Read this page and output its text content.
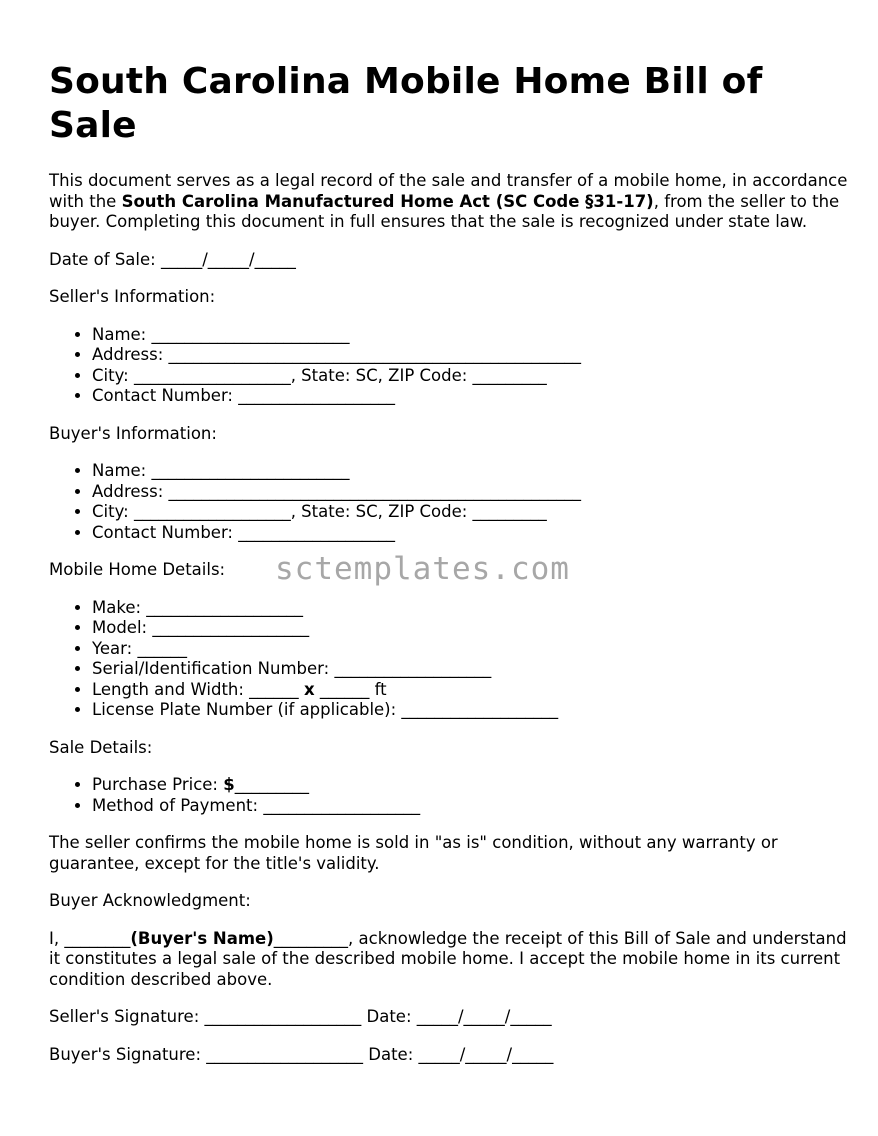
South Carolina Mobile Home Bill of Sale

This document serves as a legal record of the sale and transfer of a mobile home, in accordance with the South Carolina Manufactured Home Act (SC Code §31-17), from the seller to the buyer. Completing this document in full ensures that the sale is recognized under state law.

Date of Sale: _____/_____/_____

Seller's Information:

• Name: ________________________
• Address: __________________________________________________
• City: ___________________, State: SC, ZIP Code: _________
• Contact Number: ___________________

Buyer's Information:

• Name: ________________________
• Address: __________________________________________________
• City: ___________________, State: SC, ZIP Code: _________
• Contact Number: ___________________

Mobile Home Details:

• Make: ___________________
• Model: ___________________
• Year: ______
• Serial/Identification Number: ___________________
• Length and Width: ______ x ______ ft
• License Plate Number (if applicable): ___________________

Sale Details:

• Purchase Price: $_________
• Method of Payment: ___________________

The seller confirms the mobile home is sold in "as is" condition, without any warranty or guarantee, except for the title's validity.

Buyer Acknowledgment:

I, ________(Buyer's Name)_________, acknowledge the receipt of this Bill of Sale and understand it constitutes a legal sale of the described mobile home. I accept the mobile home in its current condition described above.

Seller's Signature: ___________________ Date: _____/_____/_____

Buyer's Signature: ___________________ Date: _____/_____/_____

sctemplates.com
